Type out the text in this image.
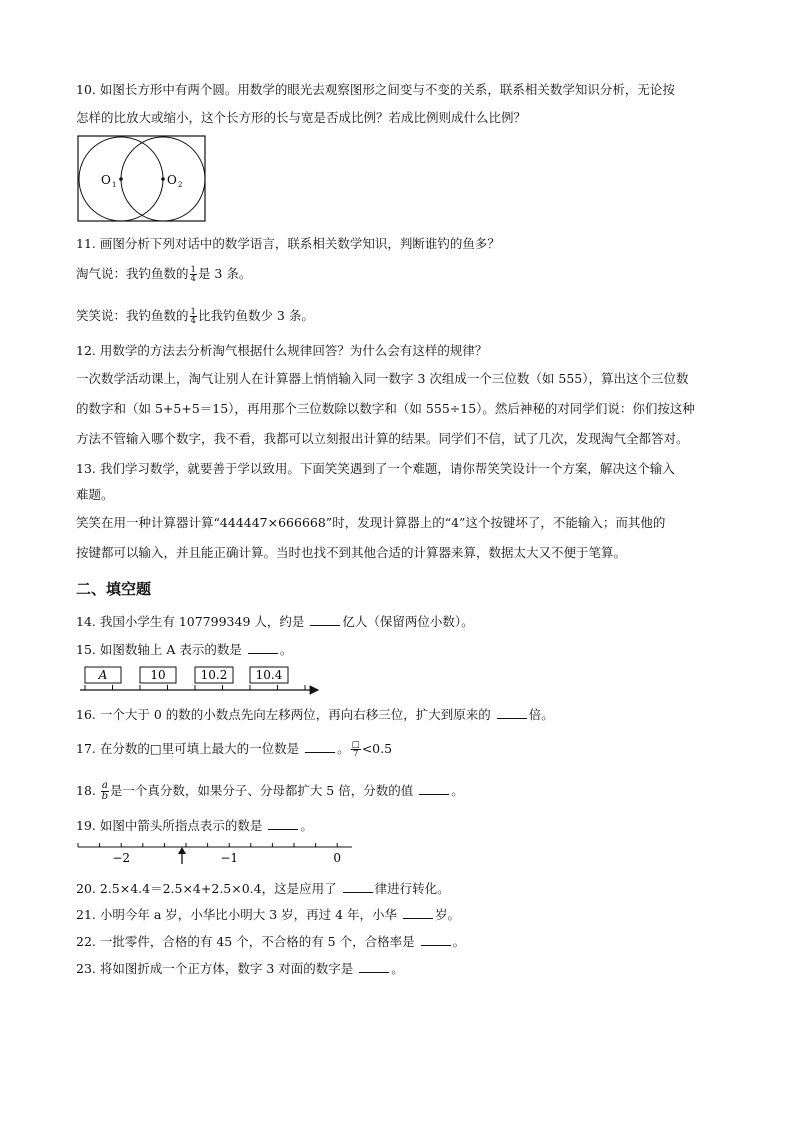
10. 如图长方形中有两个圆。用数学的眼光去观察图形之间变与不变的关系，联系相关数学知识分析，无论按
怎样的比放大或缩小，这个长方形的长与宽是否成比例？若成比例则成什么比例？
O 1	O 2
11. 画图分析下列对话中的数学语言，联系相关数学知识，判断谁钓的鱼多？
淘气说：我钓鱼数的 $\frac{1}{4}$ 是 3 条。
笑笑说：我钓鱼数的 $\frac{1}{4}$ 比我钓鱼数少 3 条。
12. 用数学的方法去分析淘气根据什么规律回答？为什么会有这样的规律？
一次数学活动课上，淘气让别人在计算器上悄悄输入同一数字 3 次组成一个三位数（如 555），算出这个三位数
的数字和（如 5+5+5＝15），再用那个三位数除以数字和（如 555÷15）。然后神秘的对同学们说：你们按这种
方法不管输入哪个数字，我不看，我都可以立刻报出计算的结果。同学们不信，试了几次，发现淘气全都答对。
13. 我们学习数学，就要善于学以致用。下面笑笑遇到了一个难题，请你帮笑笑设计一个方案，解决这个输入
难题。
笑笑在用一种计算器计算“444447×666668”时，发现计算器上的“4”这个按键坏了，不能输入；而其他的
按键都可以输入，并且能正确计算。当时也找不到其他合适的计算器来算，数据太大又不便于笔算。
二、填空题
14. 我国小学生有 107799349 人，约是	亿人（保留两位小数）。
15. 如图数轴上 A 表示的数是	。
A	10	10.2 10.4
16. 一个大于 0 的数的小数点先向左移两位，再向右移三位，扩大到原来的	倍。
17. 在分数的□里可填上最大的一位数是	。 $\frac{□}{7} <0.5$
18. $\frac{a}{b}$ 是一个真分数，如果分子、分母都扩大 5 倍，分数的值	。
19. 如图中箭头所指点表示的数是	。
−2	−1	0
20. 2.5×4.4＝2.5×4+2.5×0.4，这是应用了	律进行转化。
21. 小明今年 a 岁，小华比小明大 3 岁，再过 4 年，小华	岁。
22. 一批零件，合格的有 45 个，不合格的有 5 个，合格率是	。
23. 将如图折成一个正方体，数字 3 对面的数字是	。
